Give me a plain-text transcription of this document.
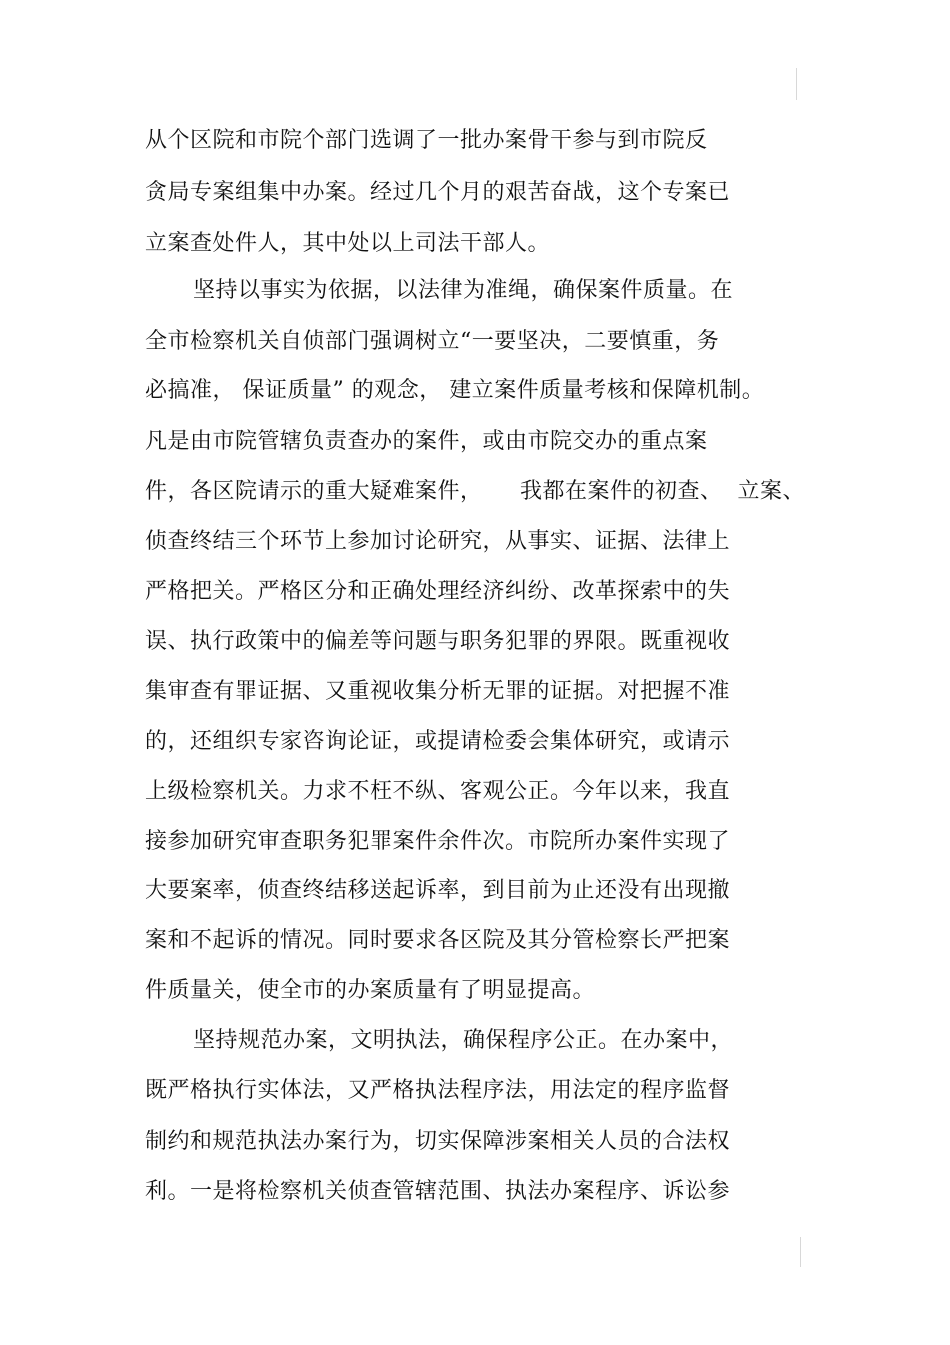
从个区院和市院个部门选调了一批办案骨干参与到市院反
贪局专案组集中办案。经过几个月的艰苦奋战，这个专案已
立案查处件人，其中处以上司法干部人。
坚持以事实为依据，以法律为准绳，确保案件质量。在
全市检察机关自侦部门强调树立“一要坚决，二要慎重，务
必搞准， 保证质量” 的观念， 建立案件质量考核和保障机制。
凡是由市院管辖负责查办的案件，或由市院交办的重点案
件，各区院请示的重大疑难案件，     我都在案件的初查、  立案、
侦查终结三个环节上参加讨论研究，从事实、证据、法律上
严格把关。严格区分和正确处理经济纠纷、改革探索中的失
误、执行政策中的偏差等问题与职务犯罪的界限。既重视收
集审查有罪证据、又重视收集分析无罪的证据。对把握不准
的，还组织专家咨询论证，或提请检委会集体研究，或请示
上级检察机关。力求不枉不纵、客观公正。今年以来，我直
接参加研究审查职务犯罪案件余件次。市院所办案件实现了
大要案率，侦查终结移送起诉率，到目前为止还没有出现撤
案和不起诉的情况。同时要求各区院及其分管检察长严把案
件质量关，使全市的办案质量有了明显提高。
坚持规范办案，文明执法，确保程序公正。在办案中，
既严格执行实体法，又严格执法程序法，用法定的程序监督
制约和规范执法办案行为，切实保障涉案相关人员的合法权
利。一是将检察机关侦查管辖范围、执法办案程序、诉讼参
